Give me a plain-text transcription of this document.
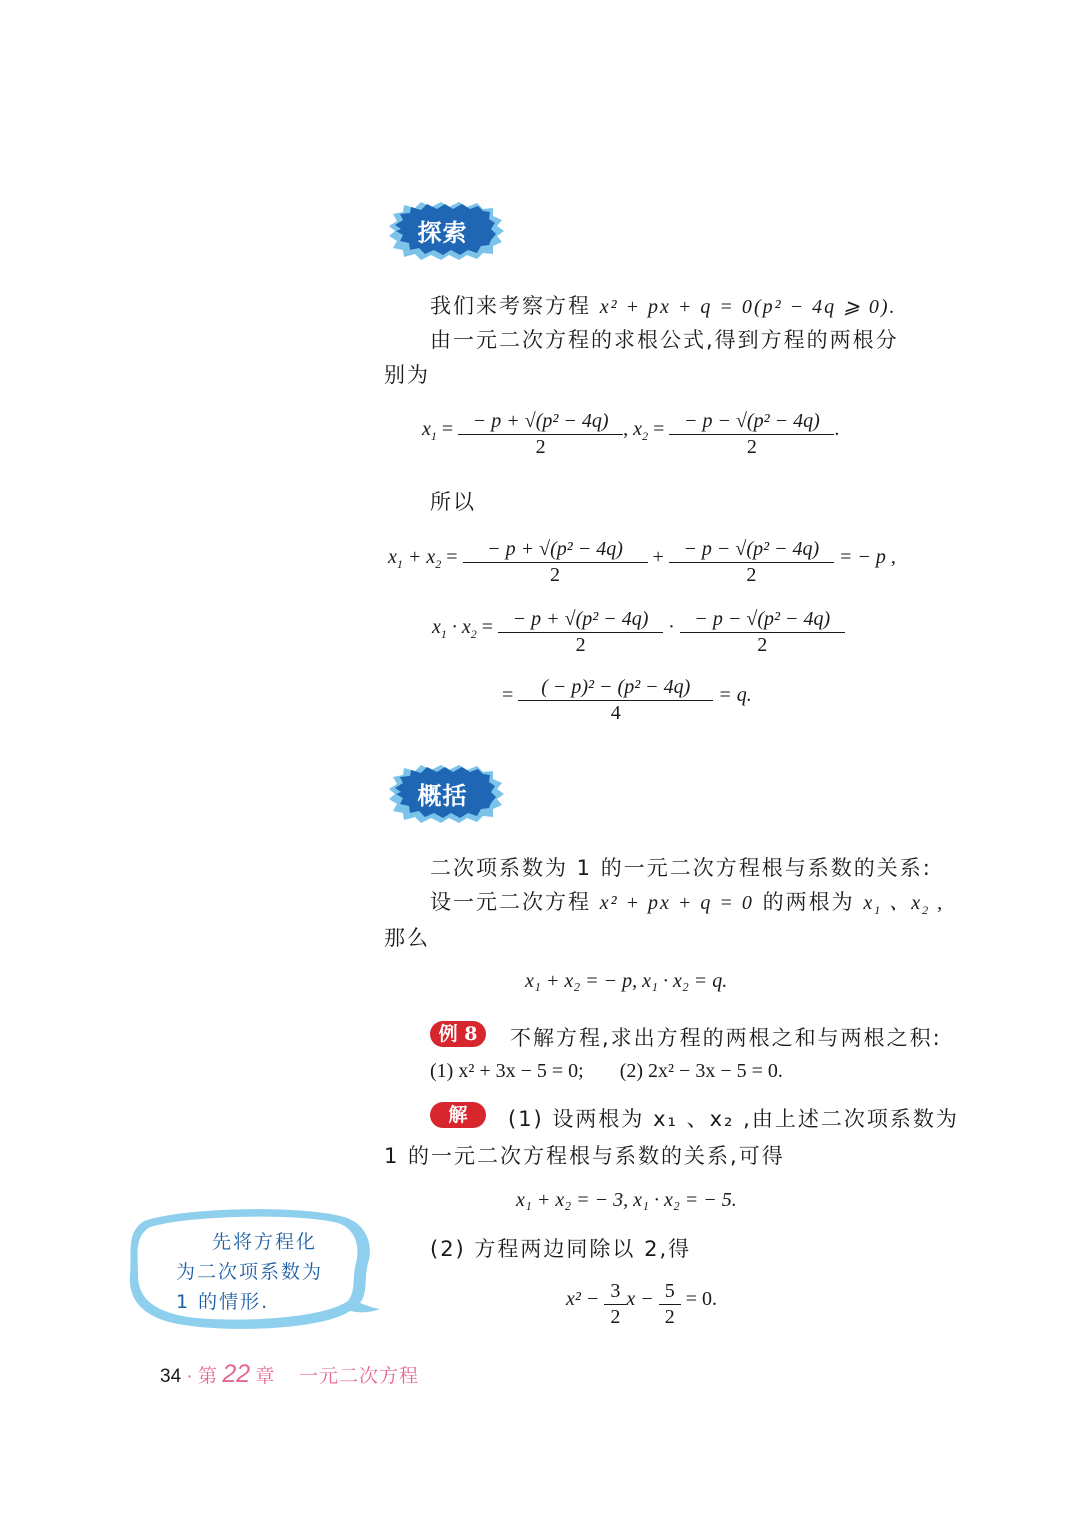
探索
我们来考察方程 x² + px + q = 0(p² − 4q ⩾ 0).
由一元二次方程的求根公式,得到方程的两根分
别为
$x_1 = \frac{\text{− p + √(p² − 4q)}}{2}$ , $x_2 = \frac{\text{− p − √(p² − 4q)}}{2}$ .
所以
$x_1 + x_2 = \frac{\text{− p + √(p² − 4q)}}{2} + \frac{\text{− p − √(p² − 4q)}}{2}$ = − p ,
$x_1 \cdot x_2 = \frac{\text{− p + √(p² − 4q)}}{2} \cdot \frac{\text{− p − √(p² − 4q)}}{2}$
= $\frac{\text{( − p)² − (p² − 4q)}}{4} = q$.
概括
二次项系数为 1 的一元二次方程根与系数的关系:
设一元二次方程 x² + px + q = 0 的两根为 $x_1$ 、$x_2$ ,
那么
x₁ + x₂ = − p, x₁ · x₂ = q.
例 8	不解方程,求出方程的两根之和与两根之积:
(1) x² + 3x − 5 = 0; (2) 2x² − 3x − 5 = 0.
解	(1) 设两根为 x₁ 、x₂ ,由上述二次项系数为
1 的一元二次方程根与系数的关系,可得
x₁ + x₂ = − 3, x₁ · x₂ = − 5.
(2) 方程两边同除以 2,得
$x^2 - \frac{3}{2}$ $x - \frac{5}{2} = 0$.
先将方程化
为二次项系数为
1 的情形.
34 · 第 22 章 一元二次方程
